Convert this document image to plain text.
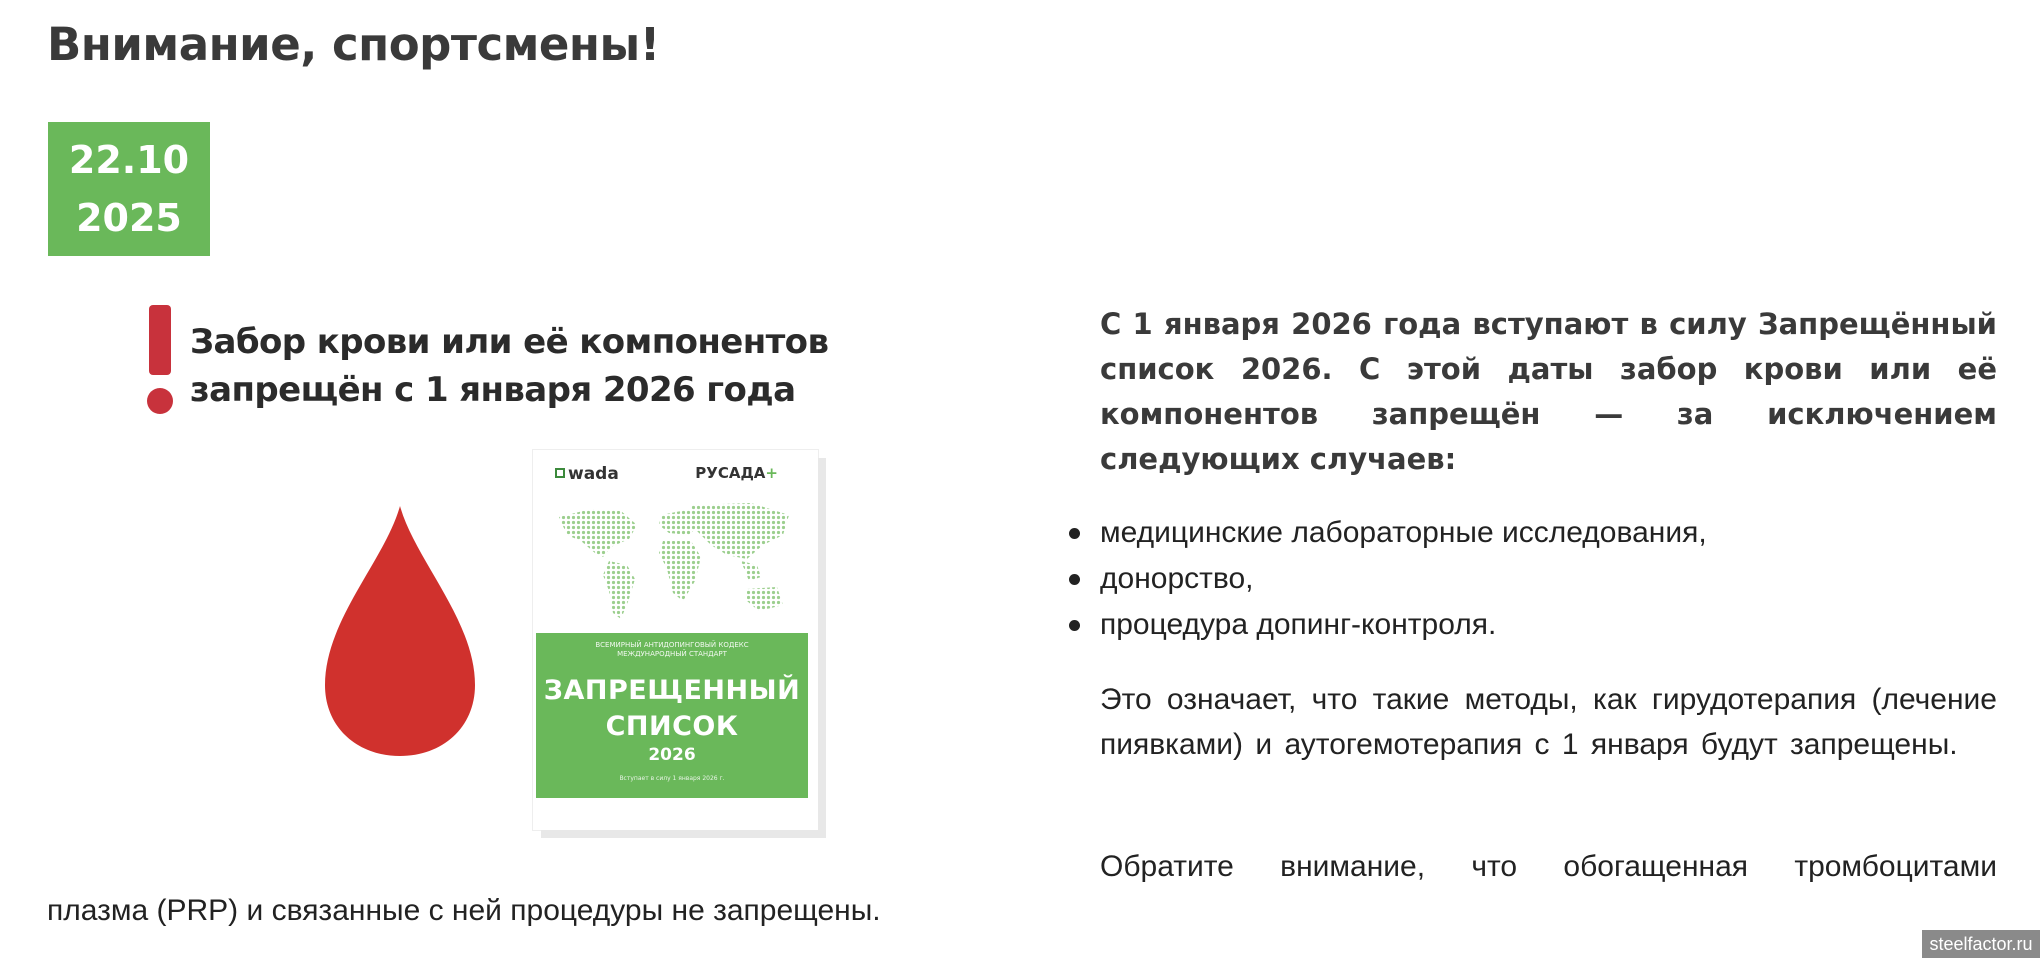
Внимание, спортсмены!
22.10
2025
Забор крови или её компонентов
запрещён с 1 января 2026 года
wada	РУСАДА+
ВСЕМИРНЫЙ АНТИДОПИНГОВЫЙ КОДЕКС
МЕЖДУНАРОДНЫЙ СТАНДАРТ
ЗАПРЕЩЕННЫЙ
СПИСОК
2026
Вступает в силу 1 января 2026 г.

С 1 января 2026 года вступают в силу Запрещённый список 2026. С этой даты забор крови или её компонентов запрещён — за исключением следующих случаев:

медицинские лабораторные исследования,
донорство,
процедура допинг-контроля.

Это означает, что такие методы, как гирудотерапия (лечение пиявками) и аутогемотерапия с 1 января будут запрещены.

Обратите внимание, что обогащенная тромбоцитами

плазма (PRP) и связанные с ней процедуры не запрещены.

steelfactor.ru
